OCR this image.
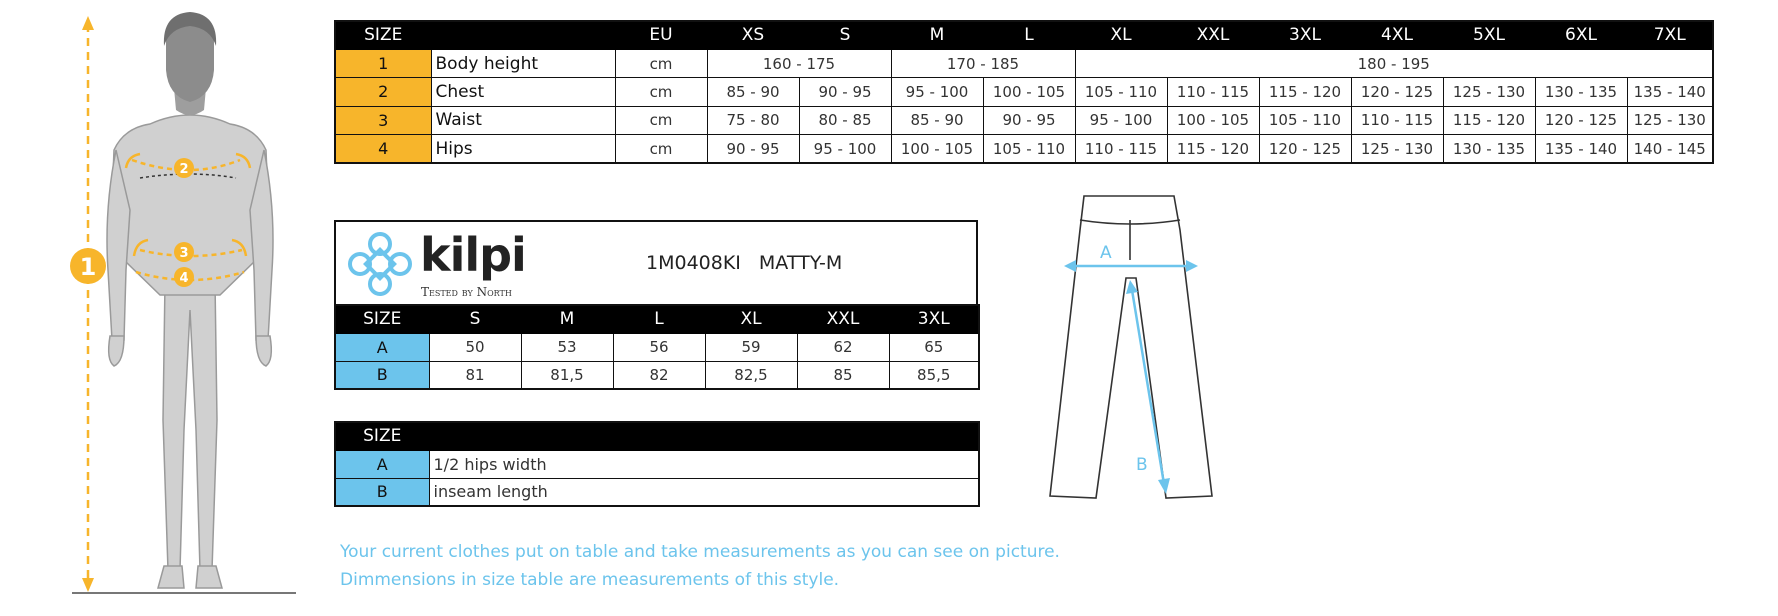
2
3
4
1
SIZE		EU	XS	S	M	L	XL	XXL	3XL	4XL	5XL	6XL	7XL
1	Body height	cm	160 - 175		170 - 185		180 - 195						
2	Chest	cm	85 - 90	90 - 95	95 - 100	100 - 105	105 - 110	110 - 115	115 - 120	120 - 125	125 - 130	130 - 135	135 - 140
3	Waist	cm	75 - 80	80 - 85	85 - 90	90 - 95	95 - 100	100 - 105	105 - 110	110 - 115	115 - 120	120 - 125	125 - 130
4	Hips	cm	90 - 95	95 - 100	100 - 105	105 - 110	110 - 115	115 - 120	120 - 125	125 - 130	130 - 135	135 - 140	140 - 145
kilpi
Tested by North
1M0408KI MATTY-M
SIZE	S	M	L	XL	XXL	3XL
A	50	53	56	59	62	65
B	81	81,5	82	82,5	85	85,5
SIZE	
A	1/2 hips width
B	inseam length
A
B
Your current clothes put on table and take measurements as you can see on picture.
Dimmensions in size table are measurements of this style.
